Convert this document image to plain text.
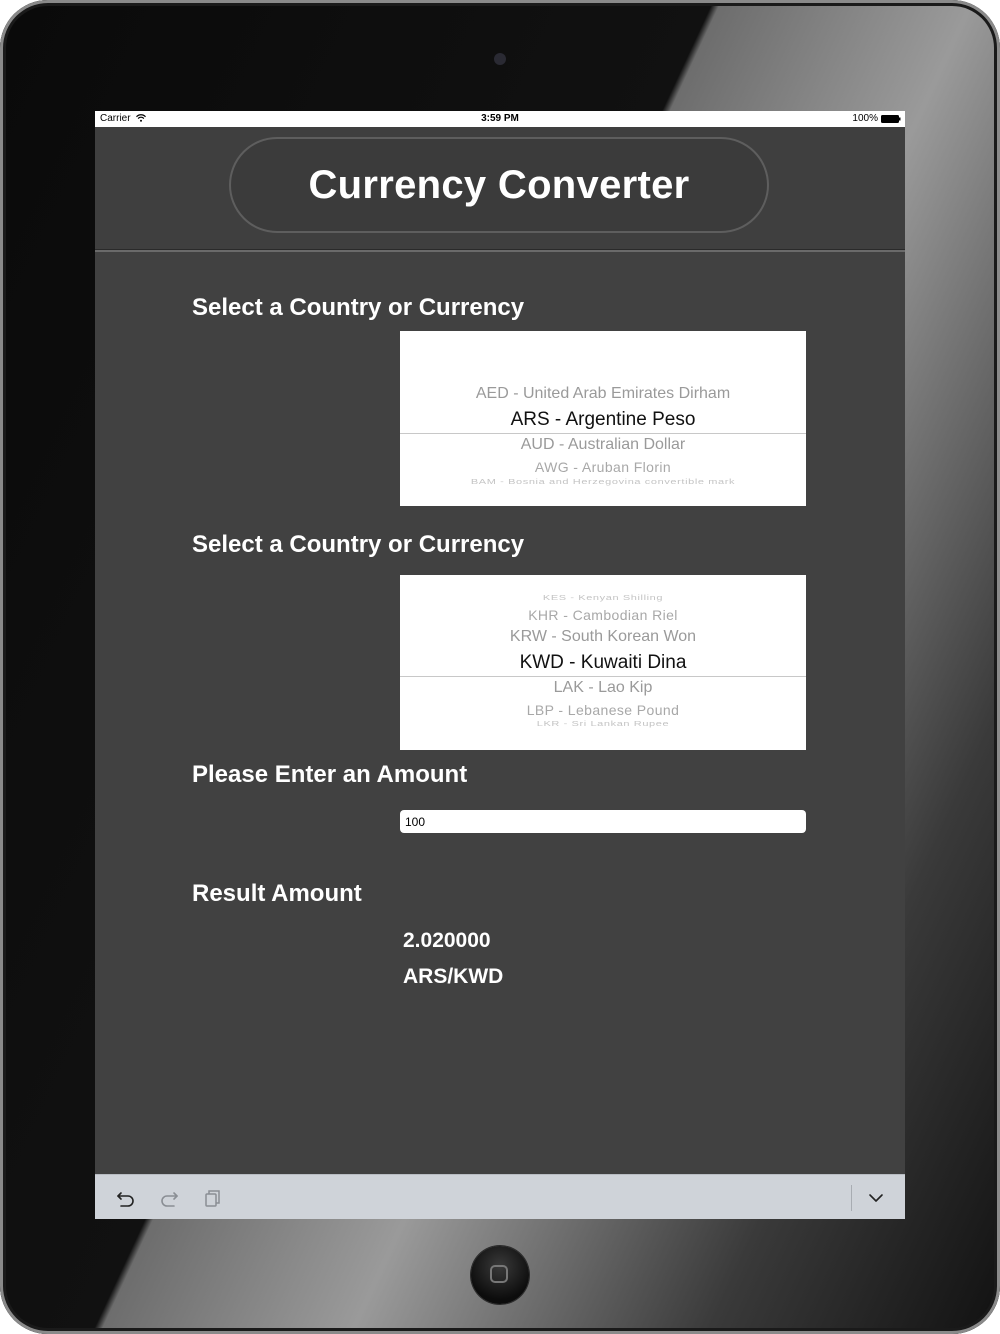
Carrier	3:59 PM	100%
Currency Converter
Select a Country or Currency
AED - United Arab Emirates Dirham
ARS - Argentine Peso
AUD - Australian Dollar
AWG - Aruban Florin
BAM - Bosnia and Herzegovina convertible mark
Select a Country or Currency
KES - Kenyan Shilling
KHR - Cambodian Riel
KRW - South Korean Won
KWD - Kuwaiti Dina
LAK - Lao Kip
LBP - Lebanese Pound
LKR - Sri Lankan Rupee
Please Enter an Amount
100
Result Amount
2.020000
ARS/KWD
